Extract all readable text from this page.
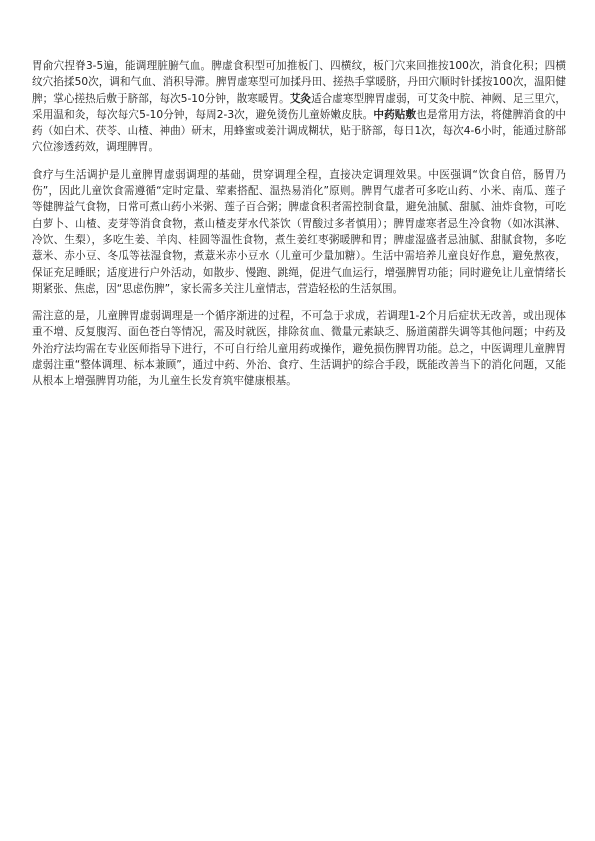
胃俞穴捏脊3-5遍，能调理脏腑气血。脾虚食积型可加推板门、四横纹，板门穴来回推按100次，消食化积；四横纹穴掐揉50次，调和气血、消积导滞。脾胃虚寒型可加揉丹田、搓热手掌暖脐，丹田穴顺时针揉按100次，温阳健脾；掌心搓热后敷于脐部，每次5-10分钟，散寒暖胃。艾灸适合虚寒型脾胃虚弱，可艾灸中脘、神阙、足三里穴，采用温和灸，每次每穴5-10分钟，每周2-3次，避免烫伤儿童娇嫩皮肤。中药贴敷也是常用方法，将健脾消食的中药（如白术、茯苓、山楂、神曲）研末，用蜂蜜或姜汁调成糊状，贴于脐部，每日1次，每次4-6小时，能通过脐部穴位渗透药效，调理脾胃。

食疗与生活调护是儿童脾胃虚弱调理的基础，贯穿调理全程，直接决定调理效果。中医强调“饮食自倍，肠胃乃伤”，因此儿童饮食需遵循“定时定量、荤素搭配、温热易消化”原则。脾胃气虚者可多吃山药、小米、南瓜、莲子等健脾益气食物，日常可煮山药小米粥、莲子百合粥；脾虚食积者需控制食量，避免油腻、甜腻、油炸食物，可吃白萝卜、山楂、麦芽等消食食物，煮山楂麦芽水代茶饮（胃酸过多者慎用）；脾胃虚寒者忌生冷食物（如冰淇淋、冷饮、生梨），多吃生姜、羊肉、桂圆等温性食物，煮生姜红枣粥暖脾和胃；脾虚湿盛者忌油腻、甜腻食物，多吃薏米、赤小豆、冬瓜等祛湿食物，煮薏米赤小豆水（儿童可少量加糖）。生活中需培养儿童良好作息，避免熬夜，保证充足睡眠；适度进行户外活动，如散步、慢跑、跳绳，促进气血运行，增强脾胃功能；同时避免让儿童情绪长期紧张、焦虑，因“思虑伤脾”，家长需多关注儿童情志，营造轻松的生活氛围。

需注意的是，儿童脾胃虚弱调理是一个循序渐进的过程，不可急于求成，若调理1-2个月后症状无改善，或出现体重不增、反复腹泻、面色苍白等情况，需及时就医，排除贫血、微量元素缺乏、肠道菌群失调等其他问题；中药及外治疗法均需在专业医师指导下进行，不可自行给儿童用药或操作，避免损伤脾胃功能。总之，中医调理儿童脾胃虚弱注重“整体调理、标本兼顾”，通过中药、外治、食疗、生活调护的综合手段，既能改善当下的消化问题，又能从根本上增强脾胃功能，为儿童生长发育筑牢健康根基。
